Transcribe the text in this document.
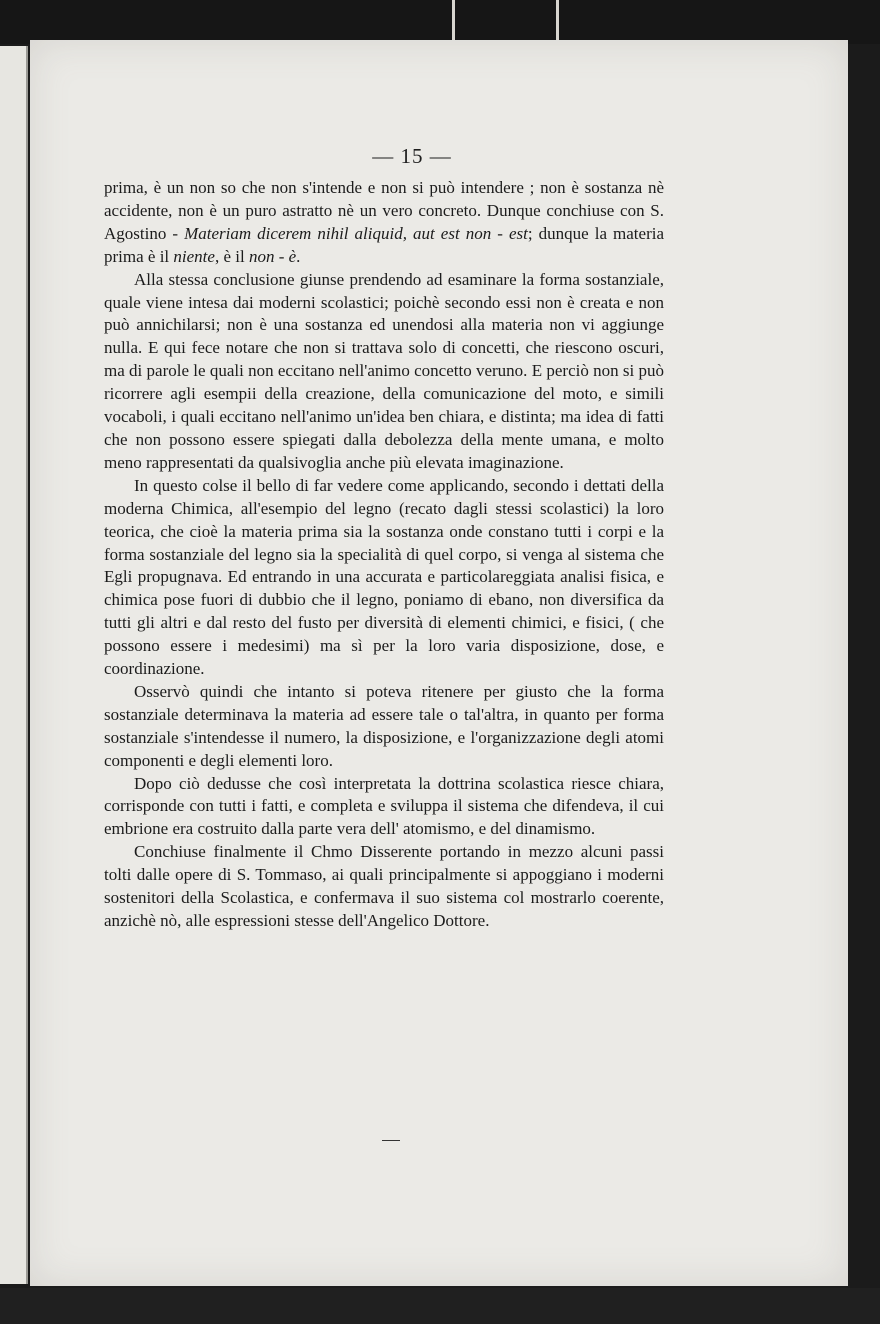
— 15 —

prima, è un non so che non s'intende e non si può intendere ; non è sostanza nè accidente, non è un puro astratto nè un vero concreto. Dunque conchiuse con S. Agostino - Materiam dicerem nihil aliquid, aut est non - est; dunque la materia prima è il niente, è il non - è.

Alla stessa conclusione giunse prendendo ad esaminare la forma sostanziale, quale viene intesa dai moderni scolastici; poichè secondo essi non è creata e non può annichilarsi; non è una sostanza ed unendosi alla materia non vi aggiunge nulla. E qui fece notare che non si trattava solo di concetti, che riescono oscuri, ma di parole le quali non eccitano nell'animo concetto veruno. E perciò non si può ricorrere agli esempii della creazione, della comunicazione del moto, e simili vocaboli, i quali eccitano nell'animo un'idea ben chiara, e distinta; ma idea di fatti che non possono essere spiegati dalla debolezza della mente umana, e molto meno rappresentati da qualsivoglia anche più elevata imaginazione.

In questo colse il bello di far vedere come applicando, secondo i dettati della moderna Chimica, all'esempio del legno (recato dagli stessi scolastici) la loro teorica, che cioè la materia prima sia la sostanza onde constano tutti i corpi e la forma sostanziale del legno sia la specialità di quel corpo, si venga al sistema che Egli propugnava. Ed entrando in una accurata e particolareggiata analisi fisica, e chimica pose fuori di dubbio che il legno, poniamo di ebano, non diversifica da tutti gli altri e dal resto del fusto per diversità di elementi chimici, e fisici, ( che possono essere i medesimi) ma sì per la loro varia disposizione, dose, e coordinazione.

Osservò quindi che intanto si poteva ritenere per giusto che la forma sostanziale determinava la materia ad essere tale o tal'altra, in quanto per forma sostanziale s'intendesse il numero, la disposizione, e l'organizzazione degli atomi componenti e degli elementi loro.

Dopo ciò dedusse che così interpretata la dottrina scolastica riesce chiara, corrisponde con tutti i fatti, e completa e sviluppa il sistema che difendeva, il cui embrione era costruito dalla parte vera dell' atomismo, e del dinamismo.

Conchiuse finalmente il Chmo Disserente portando in mezzo alcuni passi tolti dalle opere di S. Tommaso, ai quali principalmente si appoggiano i moderni sostenitori della Scolastica, e confermava il suo sistema col mostrarlo coerente, anzichè nò, alle espressioni stesse dell'Angelico Dottore.
